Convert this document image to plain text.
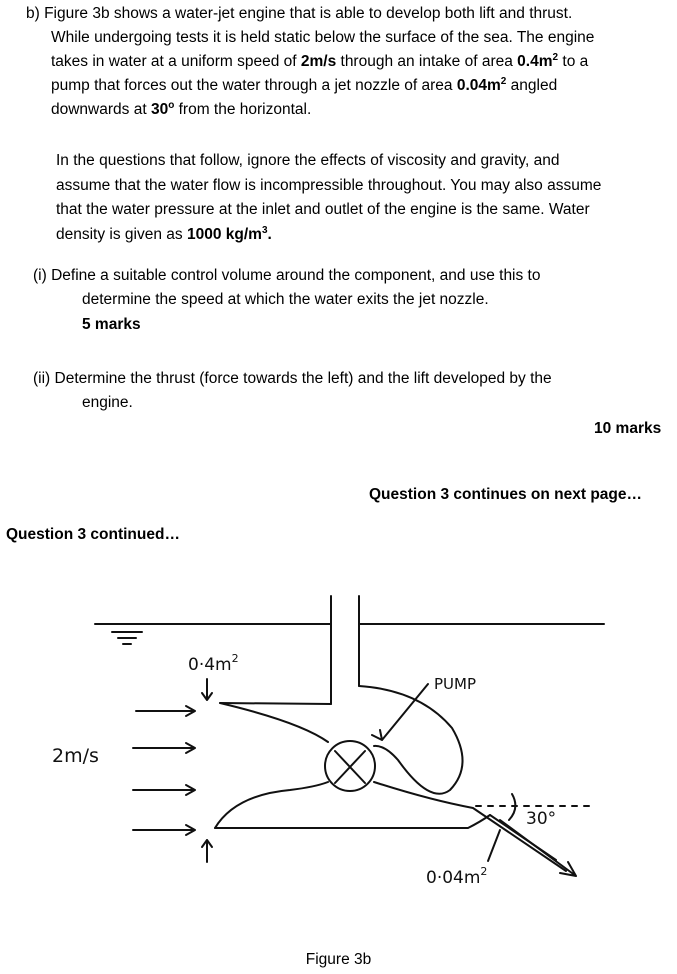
b) Figure 3b shows a water-jet engine that is able to develop both lift and thrust.
While undergoing tests it is held static below the surface of the sea. The engine
takes in water at a uniform speed of 2m/s through an intake of area $0.4m^2$ to a
pump that forces out the water through a jet nozzle of area $0.04m^2$ angled
downwards at 30$^o$ from the horizontal.
In the questions that follow, ignore the effects of viscosity and gravity, and
assume that the water flow is incompressible throughout. You may also assume
that the water pressure at the inlet and outlet of the engine is the same. Water
density is given as 1000 $kg/m^3$.
(i) Define a suitable control volume around the component, and use this to
determine the speed at which the water exits the jet nozzle.
5 marks
(ii) Determine the thrust (force towards the left) and the lift developed by the
engine.
10 marks
Question 3 continues on next page…
Question 3 continued…
$0\cdot 4m^2$
2m/s
PUMP
$0\cdot 04m^2$
30°
Figure 3b
